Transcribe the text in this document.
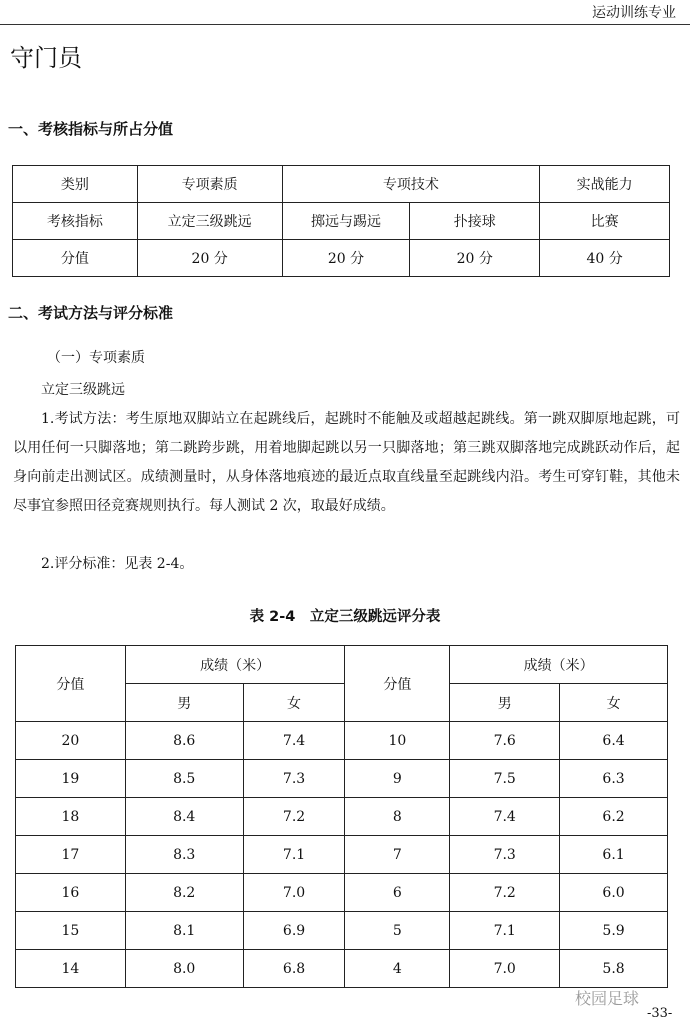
运动训练专业
守门员
一、考核指标与所占分值
类别	专项素质	专项技术		实战能力
考核指标	立定三级跳远	掷远与踢远	扑接球	比赛
分值	20 分	20 分	20 分	40 分
二、考试方法与评分标准
（一）专项素质
立定三级跳远
1.考试方法：考生原地双脚站立在起跳线后，起跳时不能触及或超越起跳线。第一跳双脚原地起跳，可以用任何一只脚落地；第二跳跨步跳，用着地脚起跳以另一只脚落地；第三跳双脚落地完成跳跃动作后，起身向前走出测试区。成绩测量时，从身体落地痕迹的最近点取直线量至起跳线内沿。考生可穿钉鞋，其他未尽事宜参照田径竞赛规则执行。每人测试 2 次，取最好成绩。
2.评分标准：见表 2-4。
表 2-4　立定三级跳远评分表
分值	成绩（米）		分值	成绩（米）	
	男	女		男	女
20	8.6	7.4	10	7.6	6.4
19	8.5	7.3	9	7.5	6.3
18	8.4	7.2	8	7.4	6.2
17	8.3	7.1	7	7.3	6.1
16	8.2	7.0	6	7.2	6.0
15	8.1	6.9	5	7.1	5.9
14	8.0	6.8	4	7.0	5.8
校园足球
-33-
